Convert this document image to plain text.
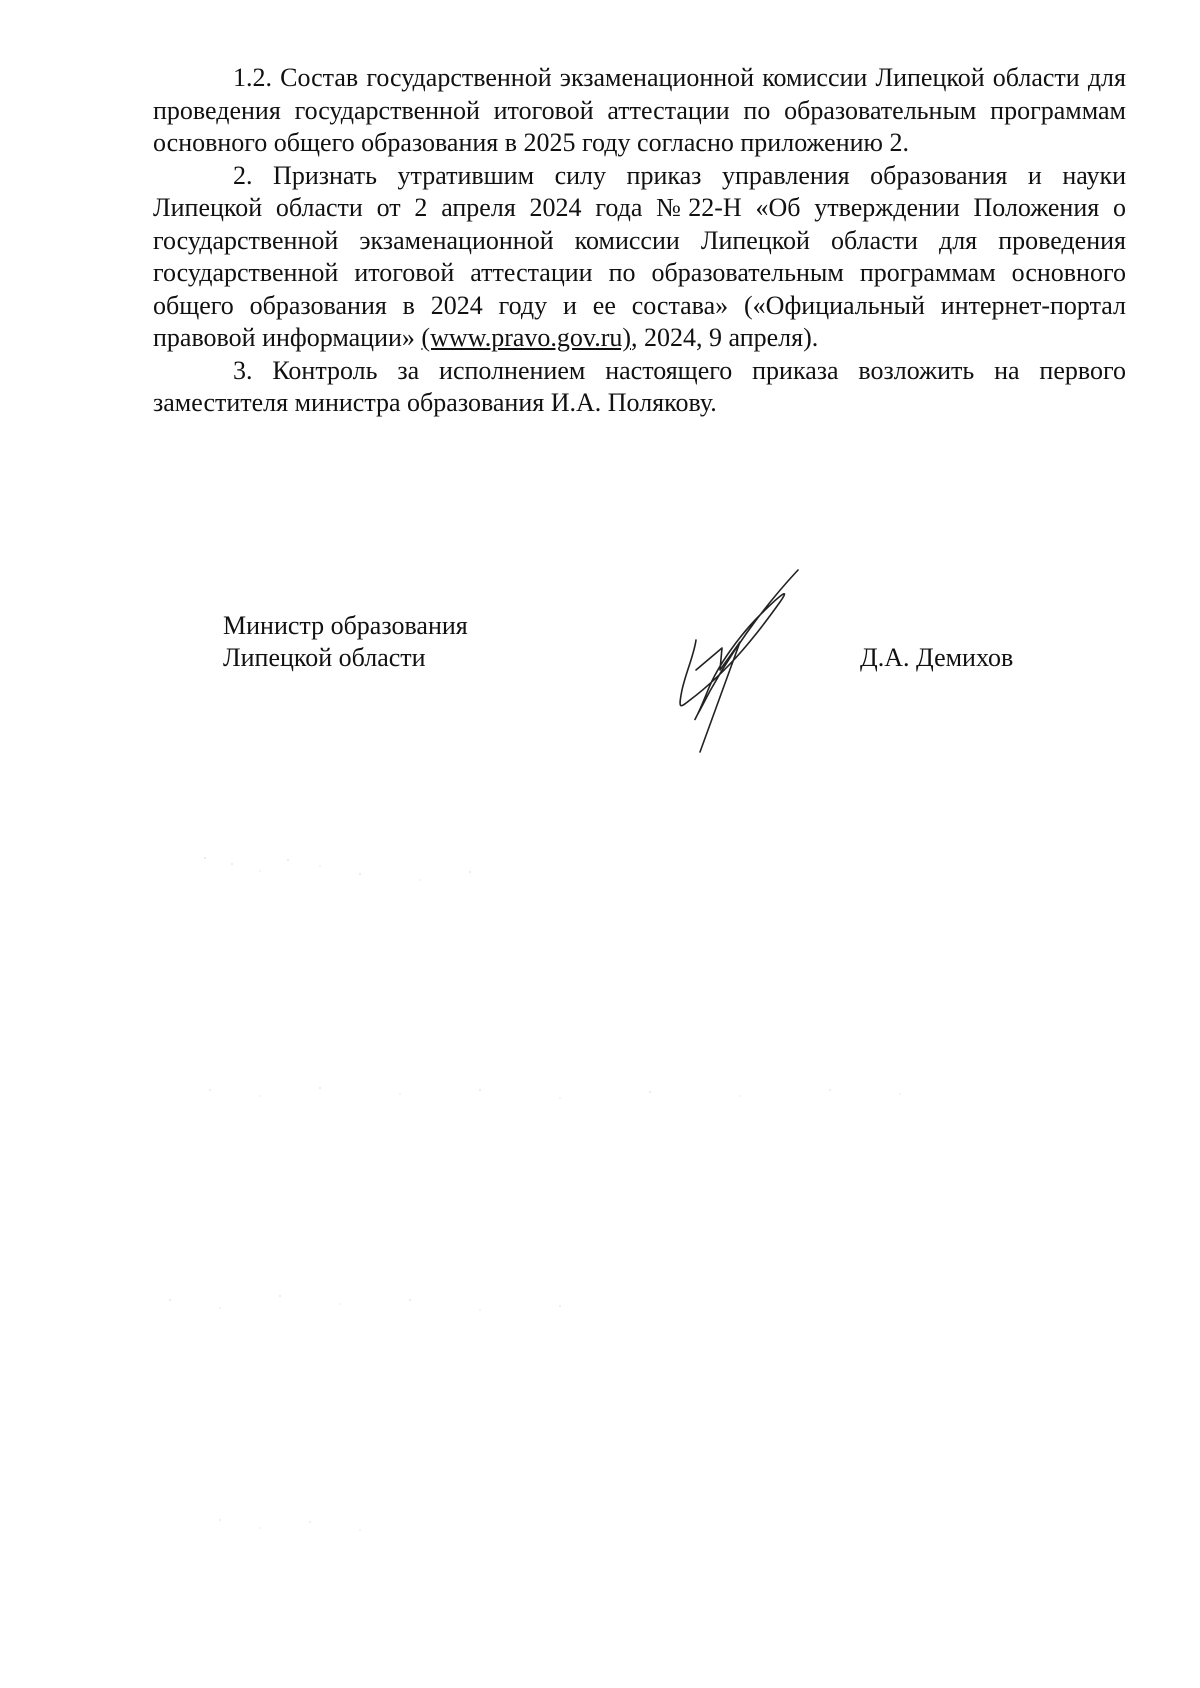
1.2. Состав государственной экзаменационной комиссии Липецкой области для проведения государственной итоговой аттестации по образовательным программам основного общего образования в 2025 году согласно приложению 2.

2. Признать утратившим силу приказ управления образования и науки Липецкой области от 2 апреля 2024 года №22-Н «Об утверждении Положения о государственной экзаменационной комиссии Липецкой области для проведения государственной итоговой аттестации по образовательным программам основного общего образования в 2024 году и ее состава» («Официальный интернет-портал правовой информации» (www.pravo.gov.ru), 2024, 9 апреля).

3. Контроль за исполнением настоящего приказа возложить на первого заместителя министра образования И.А. Полякову.

Министр образования
Липецкой области	Д.А. Демихов
